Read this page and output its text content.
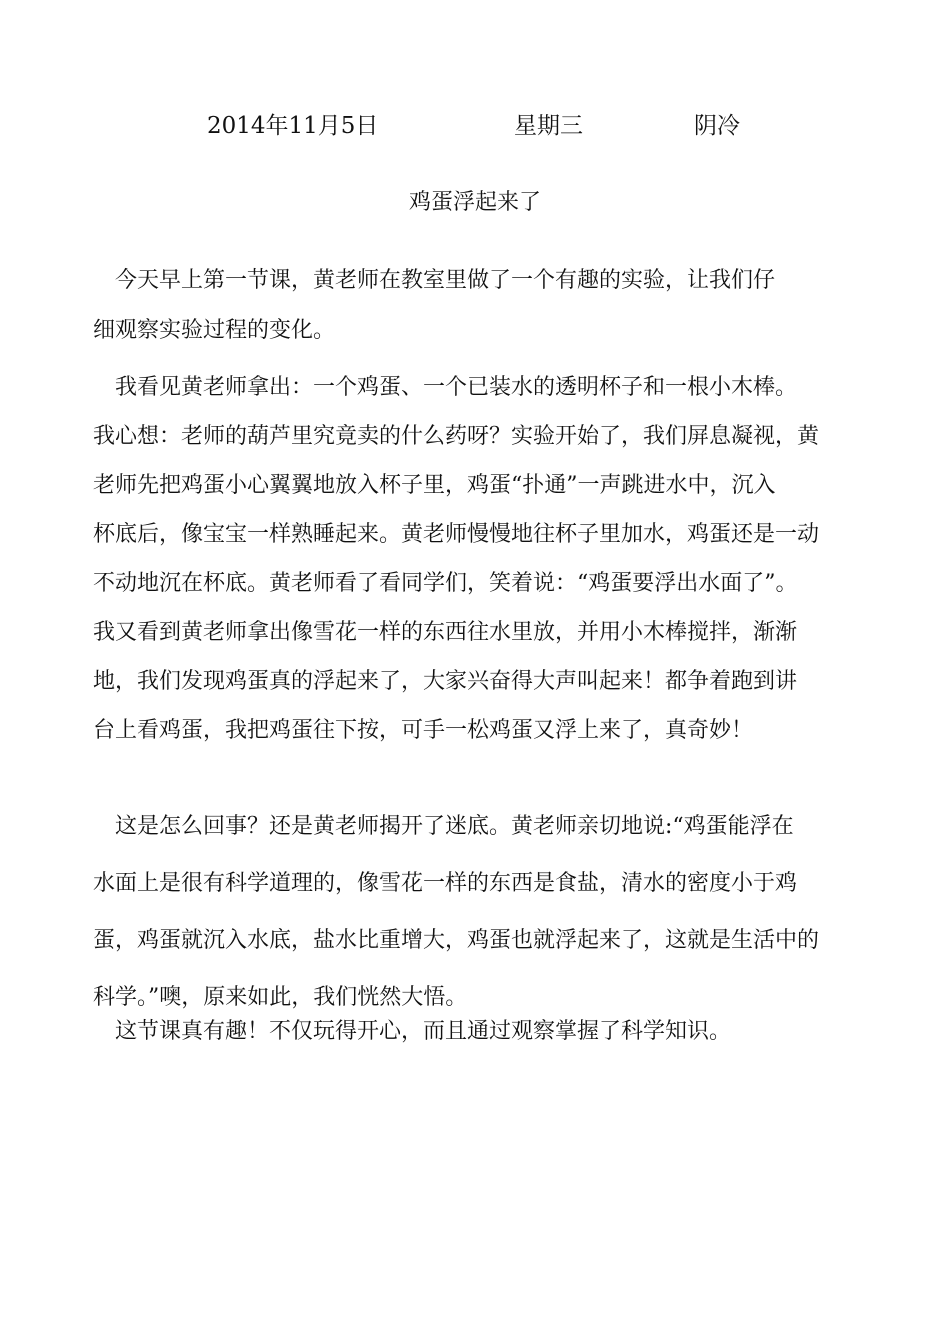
2014年11月5日	星期三	阴冷
鸡蛋浮起来了
　今天早上第一节课，黄老师在教室里做了一个有趣的实验，让我们仔
细观察实验过程的变化。
　我看见黄老师拿出：一个鸡蛋、一个已装水的透明杯子和一根小木棒。
我心想：老师的葫芦里究竟卖的什么药呀？实验开始了，我们屏息凝视，黄
老师先把鸡蛋小心翼翼地放入杯子里，鸡蛋“扑通”一声跳进水中，沉入
杯底后，像宝宝一样熟睡起来。黄老师慢慢地往杯子里加水，鸡蛋还是一动
不动地沉在杯底。黄老师看了看同学们，笑着说：“鸡蛋要浮出水面了”。
我又看到黄老师拿出像雪花一样的东西往水里放，并用小木棒搅拌，渐渐
地，我们发现鸡蛋真的浮起来了，大家兴奋得大声叫起来！都争着跑到讲
台上看鸡蛋，我把鸡蛋往下按，可手一松鸡蛋又浮上来了，真奇妙！
　这是怎么回事？还是黄老师揭开了迷底。黄老师亲切地说:“鸡蛋能浮在
水面上是很有科学道理的，像雪花一样的东西是食盐，清水的密度小于鸡
蛋，鸡蛋就沉入水底，盐水比重增大，鸡蛋也就浮起来了，这就是生活中的
科学。”噢，原来如此，我们恍然大悟。
　这节课真有趣！不仅玩得开心，而且通过观察掌握了科学知识。
